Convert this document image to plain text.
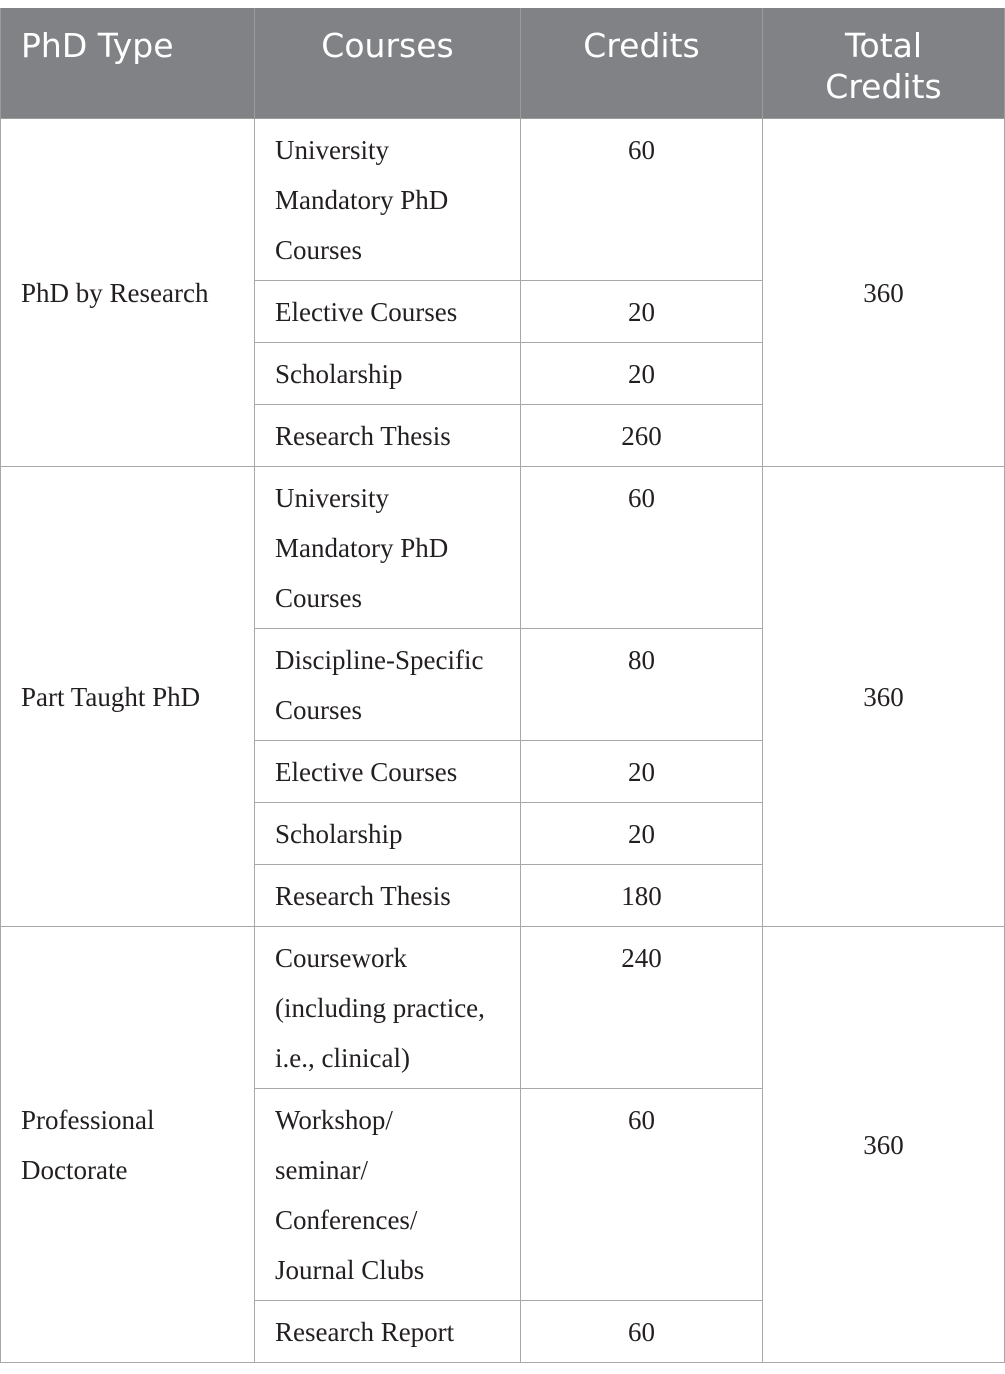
PhD Type	Courses	Credits	Total
Credits
PhD by Research	University
Mandatory PhD
Courses	60	360
	Elective Courses	20	
	Scholarship	20	
	Research Thesis	260	
Part Taught PhD	University
Mandatory PhD
Courses	60	360
	Discipline-Specific
Courses	80	
	Elective Courses	20	
	Scholarship	20	
	Research Thesis	180	
Professional
Doctorate	Coursework
(including practice,
i.e., clinical)	240	360
	Workshop/
seminar/
Conferences/
Journal Clubs	60	
	Research Report	60	
